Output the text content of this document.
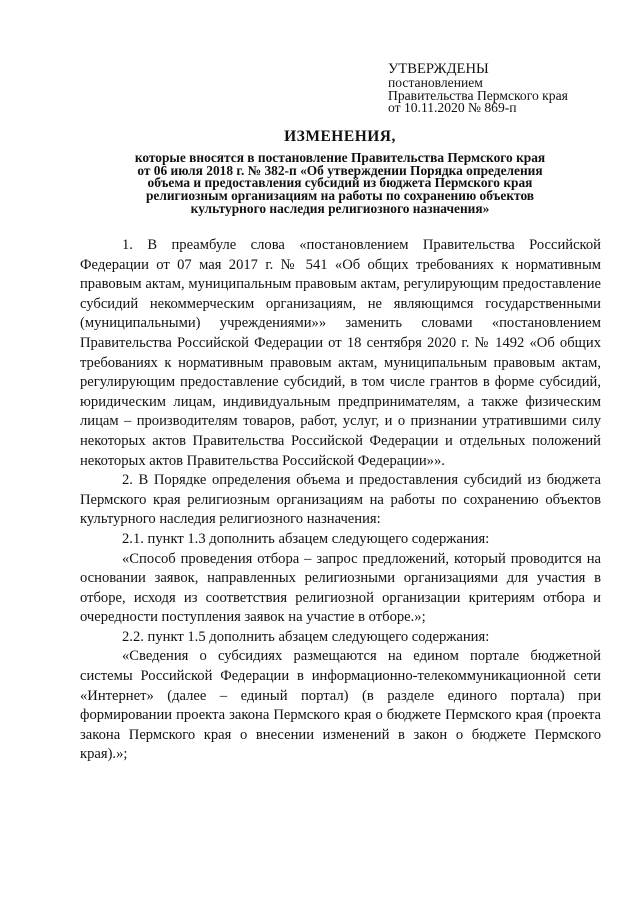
УТВЕРЖДЕНЫ
постановлением
Правительства Пермского края
от 10.11.2020 № 869-п
ИЗМЕНЕНИЯ,
которые вносятся в постановление Правительства Пермского края
от 06 июля 2018 г. № 382-п «Об утверждении Порядка определения
объема и предоставления субсидий из бюджета Пермского края
религиозным организациям на работы по сохранению объектов
культурного наследия религиозного назначения»

1. В преамбуле слова «постановлением Правительства Российской Федерации от 07 мая 2017 г. № 541 «Об общих требованиях к нормативным правовым актам, муниципальным правовым актам, регулирующим предоставление субсидий некоммерческим организациям, не являющимся государственными (муниципальными) учреждениями»» заменить словами «постановлением Правительства Российской Федерации от 18 сентября 2020 г. № 1492 «Об общих требованиях к нормативным правовым актам, муниципальным правовым актам, регулирующим предоставление субсидий, в том числе грантов в форме субсидий, юридическим лицам, индивидуальным предпринимателям, а также физическим лицам – производителям товаров, работ, услуг, и о признании утратившими силу некоторых актов Правительства Российской Федерации и отдельных положений некоторых актов Правительства Российской Федерации»».

2. В Порядке определения объема и предоставления субсидий из бюджета Пермского края религиозным организациям на работы по сохранению объектов культурного наследия религиозного назначения:

2.1. пункт 1.3 дополнить абзацем следующего содержания:

«Способ проведения отбора – запрос предложений, который проводится на основании заявок, направленных религиозными организациями для участия в отборе, исходя из соответствия религиозной организации критериям отбора и очередности поступления заявок на участие в отборе.»;

2.2. пункт 1.5 дополнить абзацем следующего содержания:

«Сведения о субсидиях размещаются на едином портале бюджетной системы Российской Федерации в информационно-телекоммуникационной сети «Интернет» (далее – единый портал) (в разделе единого портала) при формировании проекта закона Пермского края о бюджете Пермского края (проекта закона Пермского края о внесении изменений в закон о бюджете Пермского края).»;
